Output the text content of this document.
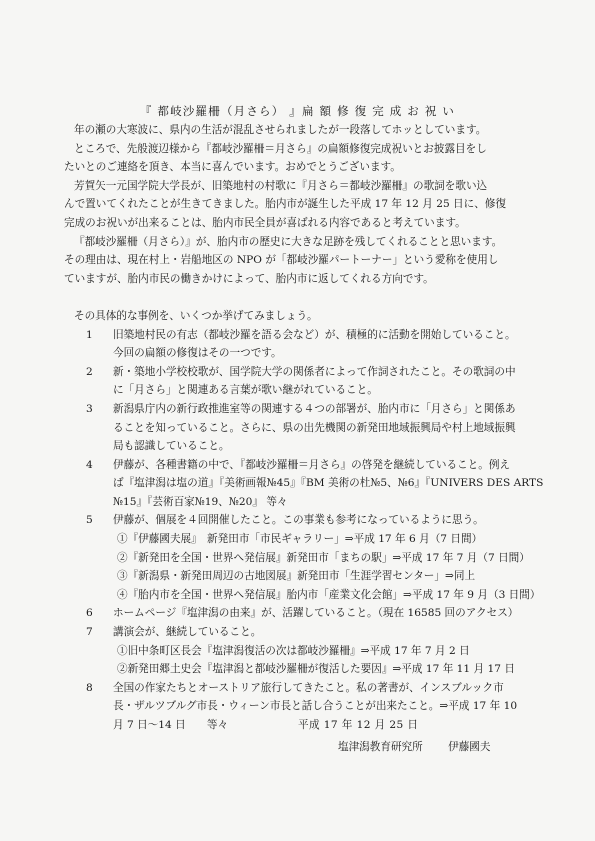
『 都岐沙羅柵（月さら） 』扁 額 修 復 完 成 お 祝 い
年の瀬の大寒波に、県内の生活が混乱させられましたが一段落してホッとしています。
ところで、先般渡辺様から『都岐沙羅柵＝月さら』の扁額修復完成祝いとお披露目をし
たいとのご連絡を頂き、本当に喜んでいます。おめでとうございます。
芳賀矢一元国学院大学長が、旧築地村の村歌に『月さら＝都岐沙羅柵』の歌詞を歌い込
んで置いてくれたことが生きてきました。胎内市が誕生した平成 17 年 12 月 25 日に、修復
完成のお祝いが出来ることは、胎内市民全員が喜ばれる内容であると考えています。
『都岐沙羅柵（月さら）』が、胎内市の歴史に大きな足跡を残してくれることと思います。
その理由は、現在村上・岩船地区の NPO が「都岐沙羅パートーナー」という愛称を使用し
ていますが、胎内市民の働きかけによって、胎内市に返してくれる方向です。
その具体的な事例を、いくつか挙げてみましょう。
1 旧築地村民の有志（都岐沙羅を語る会など）が、積極的に活動を開始していること。
今回の扁額の修復はその一つです。
2 新・築地小学校校歌が、国学院大学の関係者によって作詞されたこと。その歌詞の中
に「月さら」と関連ある言葉が歌い継がれていること。
3 新潟県庁内の新行政推進室等の関連する４つの部署が、胎内市に「月さら」と関係あ
ることを知っていること。さらに、県の出先機関の新発田地域振興局や村上地域振興
局も認識していること。
4 伊藤が、各種書籍の中で、『都岐沙羅柵＝月さら』の啓発を継続していること。例え
ば『塩津潟は塩の道』『美術画報№45』『BM 美術の杜№5、№6』『UNIVERS DES ARTS
№15』『芸術百家№19、№20』 等々
5 伊藤が、個展を４回開催したこと。この事業も参考になっているように思う。
①『伊藤國夫展』　新発田市「市民ギャラリー」⇒平成 17 年 6 月（7 日間）
②『新発田を全国・世界へ発信展』新発田市「まちの駅」⇒平成 17 年 7 月（7 日間）
③『新潟県・新発田周辺の古地図展』新発田市「生涯学習センター」⇒同上
④『胎内市を全国・世界へ発信展』胎内市「産業文化会館」⇒平成 17 年 9 月（3 日間）
6 ホームページ『塩津潟の由来』が、活躍していること。（現在 16585 回のアクセス）
7 講演会が、継続していること。
①旧中条町区長会『塩津潟復活の次は都岐沙羅柵』⇒平成 17 年 7 月 2 日
②新発田郷土史会『塩津潟と都岐沙羅柵が復活した要因』⇒平成 17 年 11 月 17 日
8 全国の作家たちとオーストリア旅行してきたこと。私の著書が、インスブルック市
長・ザルツブルグ市長・ウィーン市長と話し合うことが出来たこと。⇒平成 17 年 10
月 7 日～14 日　　等々	平成 17 年 12 月 25 日
塩津潟教育研究所 伊藤國夫
